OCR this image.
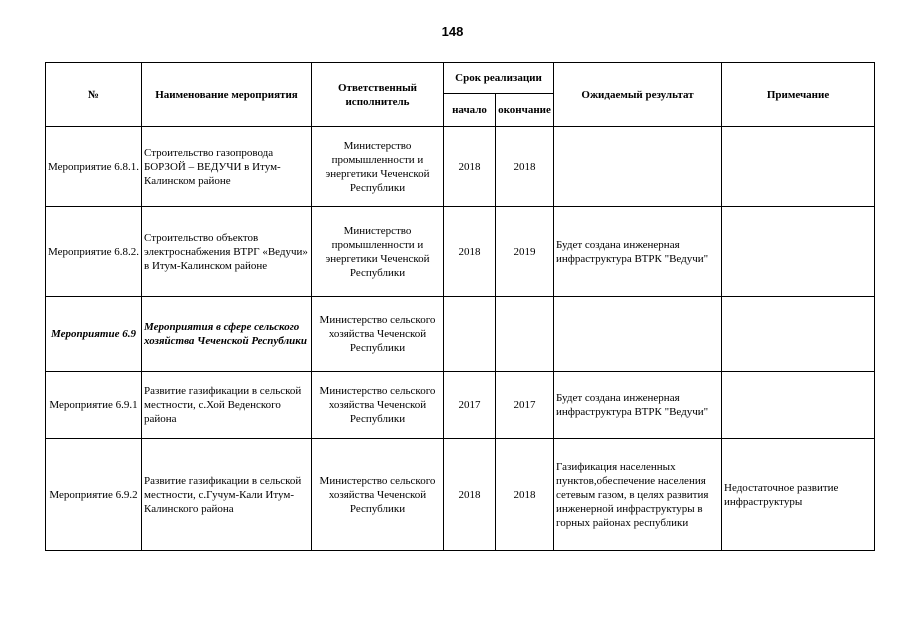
148
№	Наименование мероприятия	Ответственный исполнитель	Срок реализации		Ожидаемый результат	Примечание
			начало	окончание		
Мероприятие 6.8.1.	Строительство газопровода БОРЗОЙ – ВЕДУЧИ в Итум-Калинском районе	Министерство промышленности и энергетики Чеченской Республики	2018	2018		
Мероприятие 6.8.2.	Строительство объектов электроснабжения ВТРГ «Ведучи» в Итум-Калинском районе	Министерство промышленности и энергетики Чеченской Республики	2018	2019	Будет создана инженерная инфраструктура ВТРК "Ведучи"	
Мероприятие 6.9	Мероприятия в сфере сельского хозяйства Чеченской Республики	Министерство сельского хозяйства Чеченской Республики				
Мероприятие 6.9.1	Развитие газификации в сельской местности, с.Хой Веденского района	Министерство сельского хозяйства Чеченской Республики	2017	2017	Будет создана инженерная инфраструктура ВТРК "Ведучи"	
Мероприятие 6.9.2	Развитие газификации в сельской местности, с.Гучум-Кали Итум-Калинского района	Министерство сельского хозяйства Чеченской Республики	2018	2018	Газификация населенных пунктов,обеспечение населения сетевым газом, в целях развития инженерной инфраструктуры в горных районах республики	Недостаточное развитие инфраструктуры
